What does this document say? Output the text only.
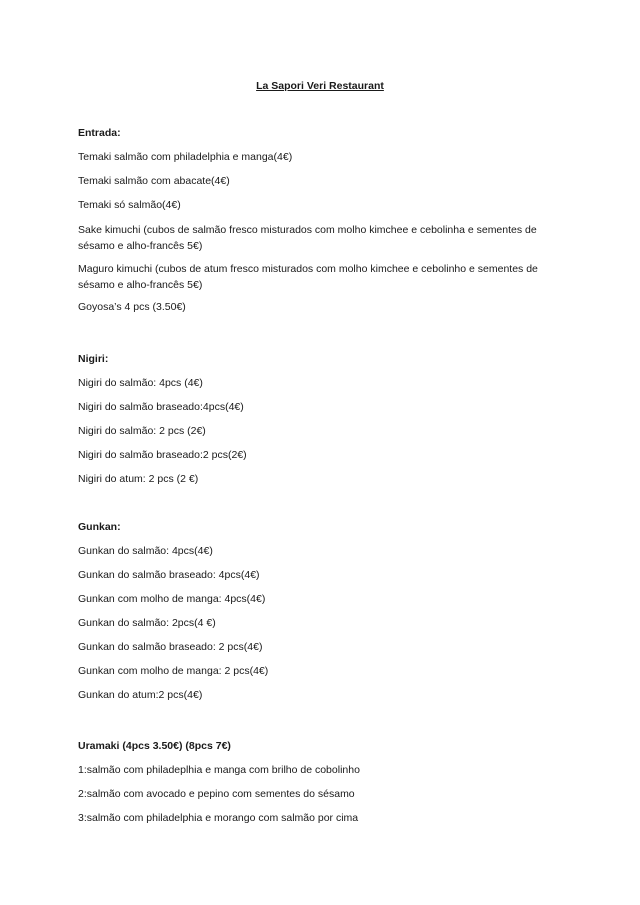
La Sapori Veri Restaurant
Entrada:
Temaki salmão com philadelphia e manga(4€)
Temaki salmão com abacate(4€)
Temaki só salmão(4€)
Sake kimuchi (cubos de salmão fresco misturados com molho kimchee e cebolinha e sementes de sésamo e alho-francês 5€)
Maguro kimuchi (cubos de atum fresco misturados com molho kimchee e cebolinho e sementes de sésamo e alho-francês 5€)
Goyosa’s 4 pcs (3.50€)
Nigiri:
Nigiri do salmão: 4pcs (4€)
Nigiri do salmão braseado:4pcs(4€)
Nigiri do salmão: 2 pcs (2€)
Nigiri do salmão braseado:2 pcs(2€)
Nigiri do atum: 2 pcs (2 €)
Gunkan:
Gunkan do salmão: 4pcs(4€)
Gunkan do salmão braseado: 4pcs(4€)
Gunkan com molho de manga: 4pcs(4€)
Gunkan do salmão: 2pcs(4 €)
Gunkan do salmão braseado: 2 pcs(4€)
Gunkan com molho de manga: 2 pcs(4€)
Gunkan do atum:2 pcs(4€)
Uramaki (4pcs 3.50€) (8pcs 7€)
1:salmão com philadeplhia e manga com brilho de cobolinho
2:salmão com avocado e pepino com sementes do sésamo
3:salmão com philadelphia e morango com salmão por cima
